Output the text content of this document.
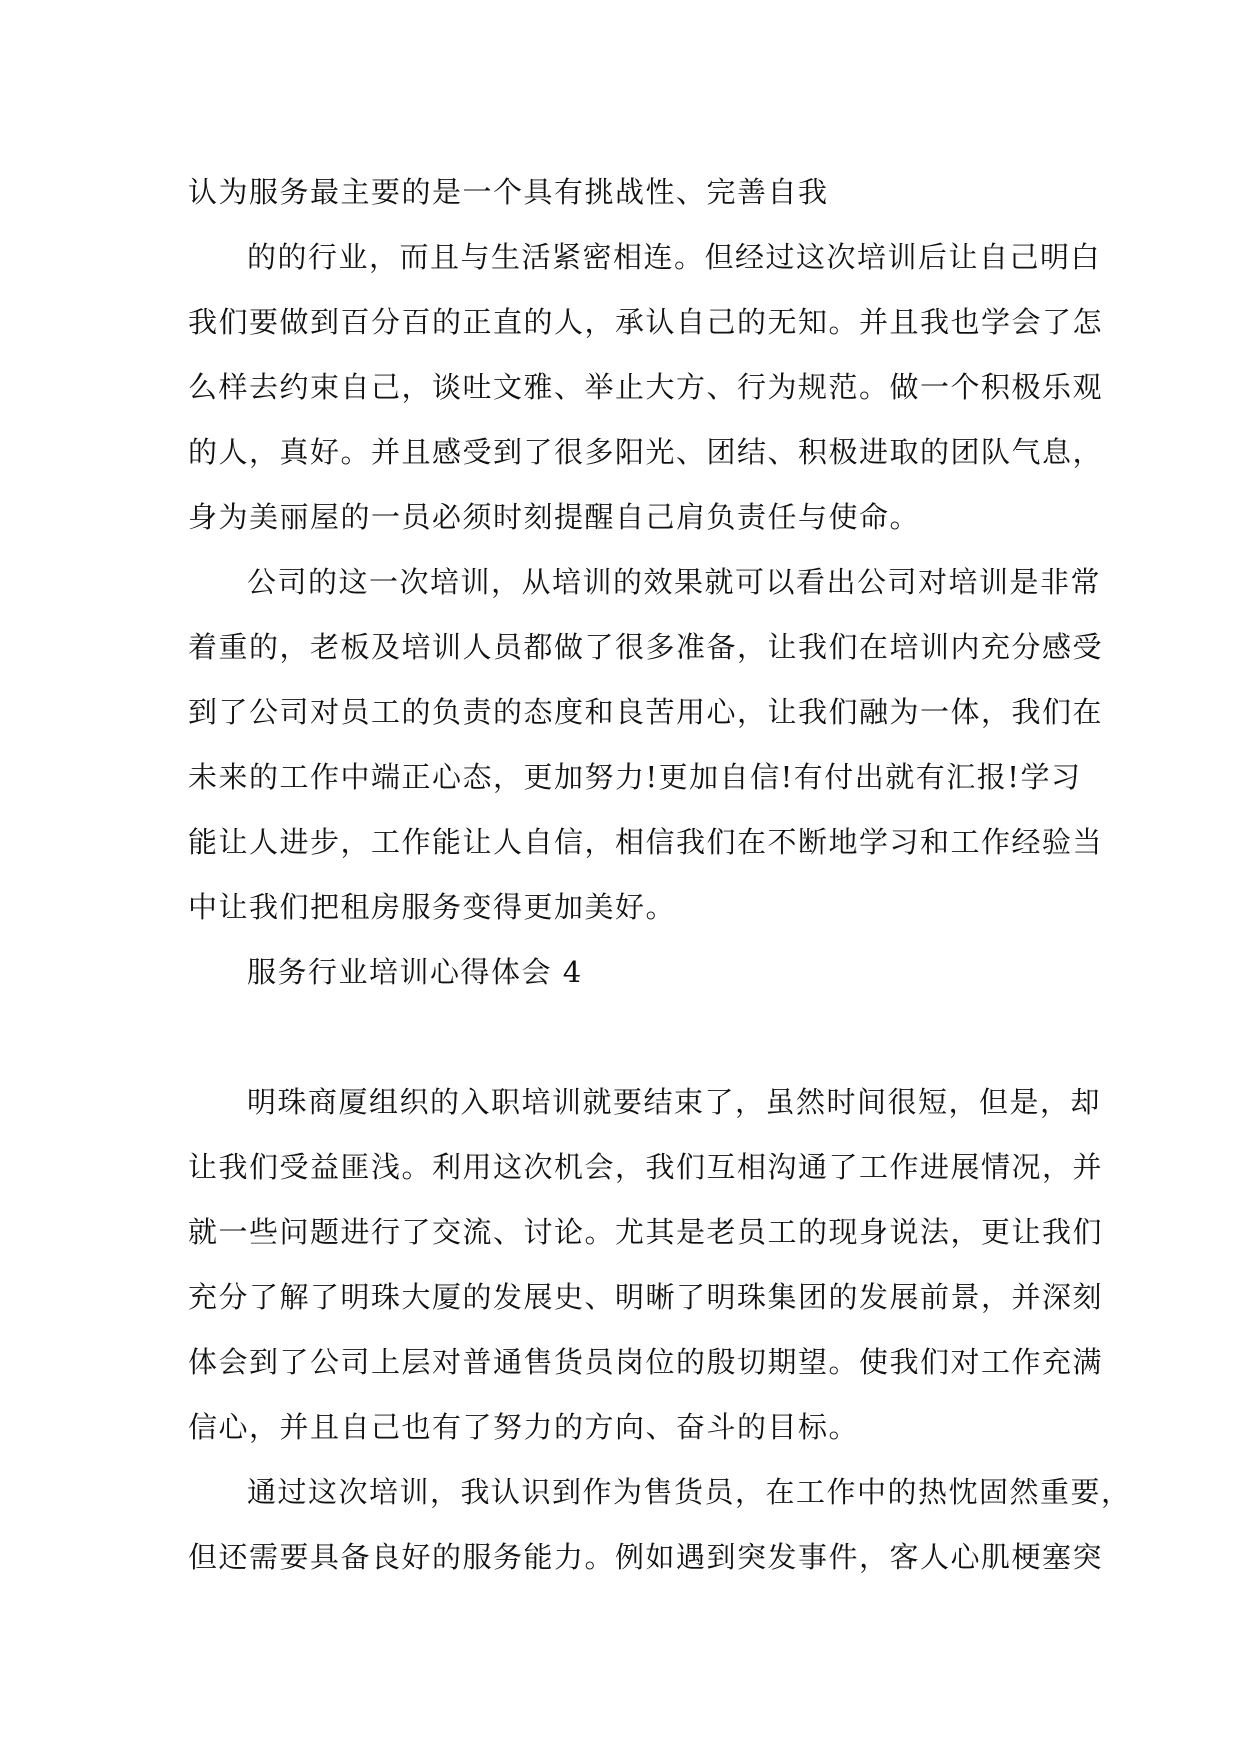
认为服务最主要的是一个具有挑战性、完善自我
的的行业，而且与生活紧密相连。但经过这次培训后让自己明白
我们要做到百分百的正直的人，承认自己的无知。并且我也学会了怎
么样去约束自己，谈吐文雅、举止大方、行为规范。做一个积极乐观
的人，真好。并且感受到了很多阳光、团结、积极进取的团队气息，
身为美丽屋的一员必须时刻提醒自己肩负责任与使命。
公司的这一次培训，从培训的效果就可以看出公司对培训是非常
着重的，老板及培训人员都做了很多准备，让我们在培训内充分感受
到了公司对员工的负责的态度和良苦用心，让我们融为一体，我们在
未来的工作中端正心态，更加努力!更加自信!有付出就有汇报!学习
能让人进步，工作能让人自信，相信我们在不断地学习和工作经验当
中让我们把租房服务变得更加美好。
服务行业培训心得体会 4
明珠商厦组织的入职培训就要结束了，虽然时间很短，但是，却
让我们受益匪浅。利用这次机会，我们互相沟通了工作进展情况，并
就一些问题进行了交流、讨论。尤其是老员工的现身说法，更让我们
充分了解了明珠大厦的发展史、明晰了明珠集团的发展前景，并深刻
体会到了公司上层对普通售货员岗位的殷切期望。使我们对工作充满
信心，并且自己也有了努力的方向、奋斗的目标。
通过这次培训，我认识到作为售货员，在工作中的热忱固然重要，
但还需要具备良好的服务能力。例如遇到突发事件，客人心肌梗塞突
